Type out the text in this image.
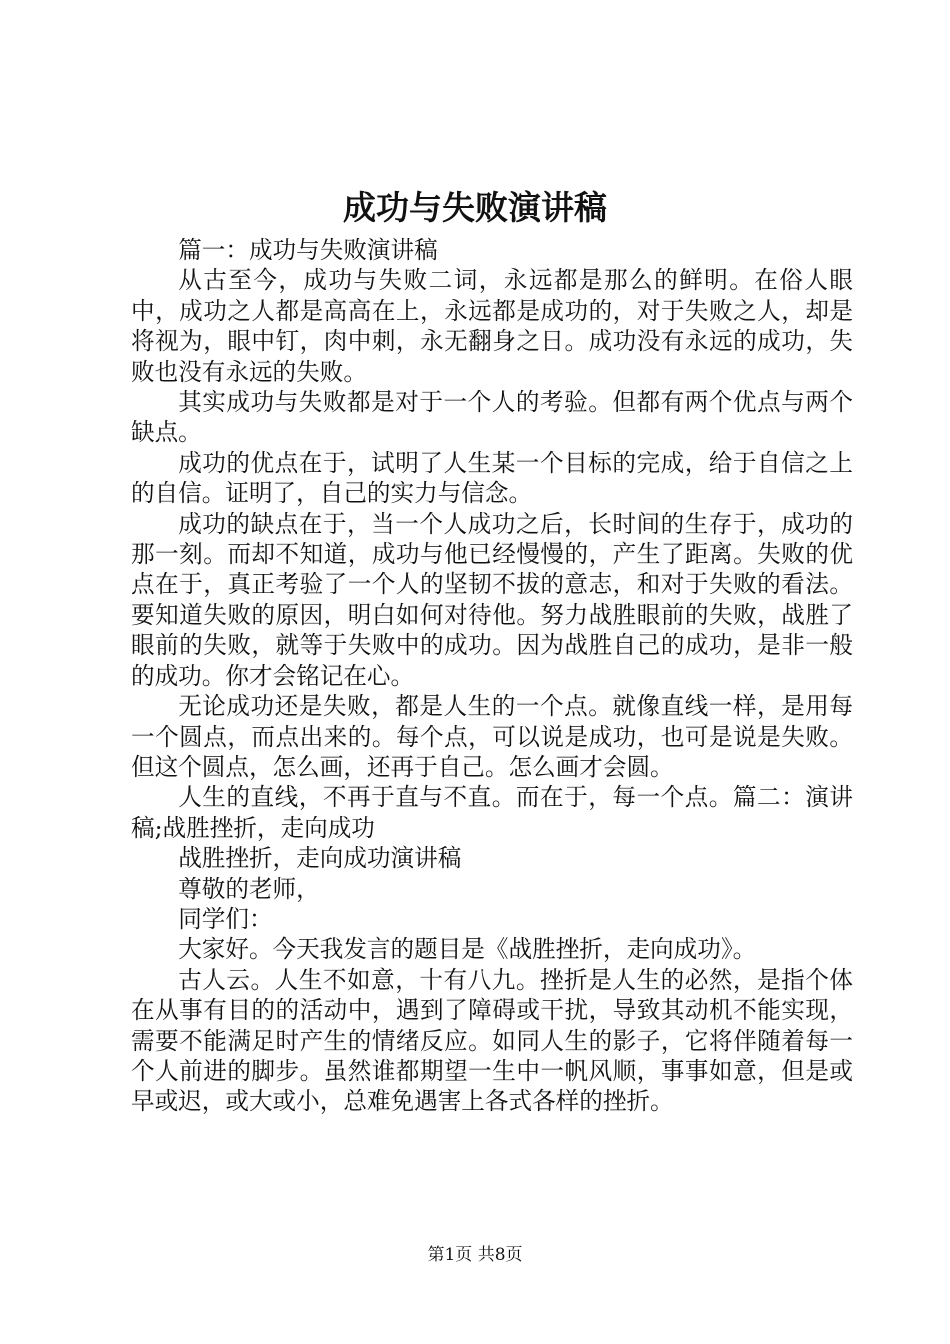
成功与失败演讲稿

篇一：成功与失败演讲稿

从古至今，成功与失败二词，永远都是那么的鲜明。在俗人眼中，成功之人都是高高在上，永远都是成功的，对于失败之人，却是将视为，眼中钉，肉中刺，永无翻身之日。成功没有永远的成功，失败也没有永远的失败。

其实成功与失败都是对于一个人的考验。但都有两个优点与两个缺点。

成功的优点在于，试明了人生某一个目标的完成，给于自信之上的自信。证明了，自己的实力与信念。

成功的缺点在于，当一个人成功之后，长时间的生存于，成功的那一刻。而却不知道，成功与他已经慢慢的，产生了距离。失败的优点在于，真正考验了一个人的坚韧不拔的意志，和对于失败的看法。要知道失败的原因，明白如何对待他。努力战胜眼前的失败，战胜了眼前的失败，就等于失败中的成功。因为战胜自己的成功，是非一般的成功。你才会铭记在心。

无论成功还是失败，都是人生的一个点。就像直线一样，是用每一个圆点，而点出来的。每个点，可以说是成功，也可是说是失败。但这个圆点，怎么画，还再于自己。怎么画才会圆。

人生的直线，不再于直与不直。而在于，每一个点。篇二：演讲稿;战胜挫折，走向成功

战胜挫折，走向成功演讲稿

尊敬的老师，

同学们：

大家好。今天我发言的题目是《战胜挫折，走向成功》。

古人云。人生不如意，十有八九。挫折是人生的必然，是指个体在从事有目的的活动中，遇到了障碍或干扰，导致其动机不能实现，需要不能满足时产生的情绪反应。如同人生的影子，它将伴随着每一个人前进的脚步。虽然谁都期望一生中一帆风顺，事事如意，但是或早或迟，或大或小，总难免遇害上各式各样的挫折。

第1页 共8页
